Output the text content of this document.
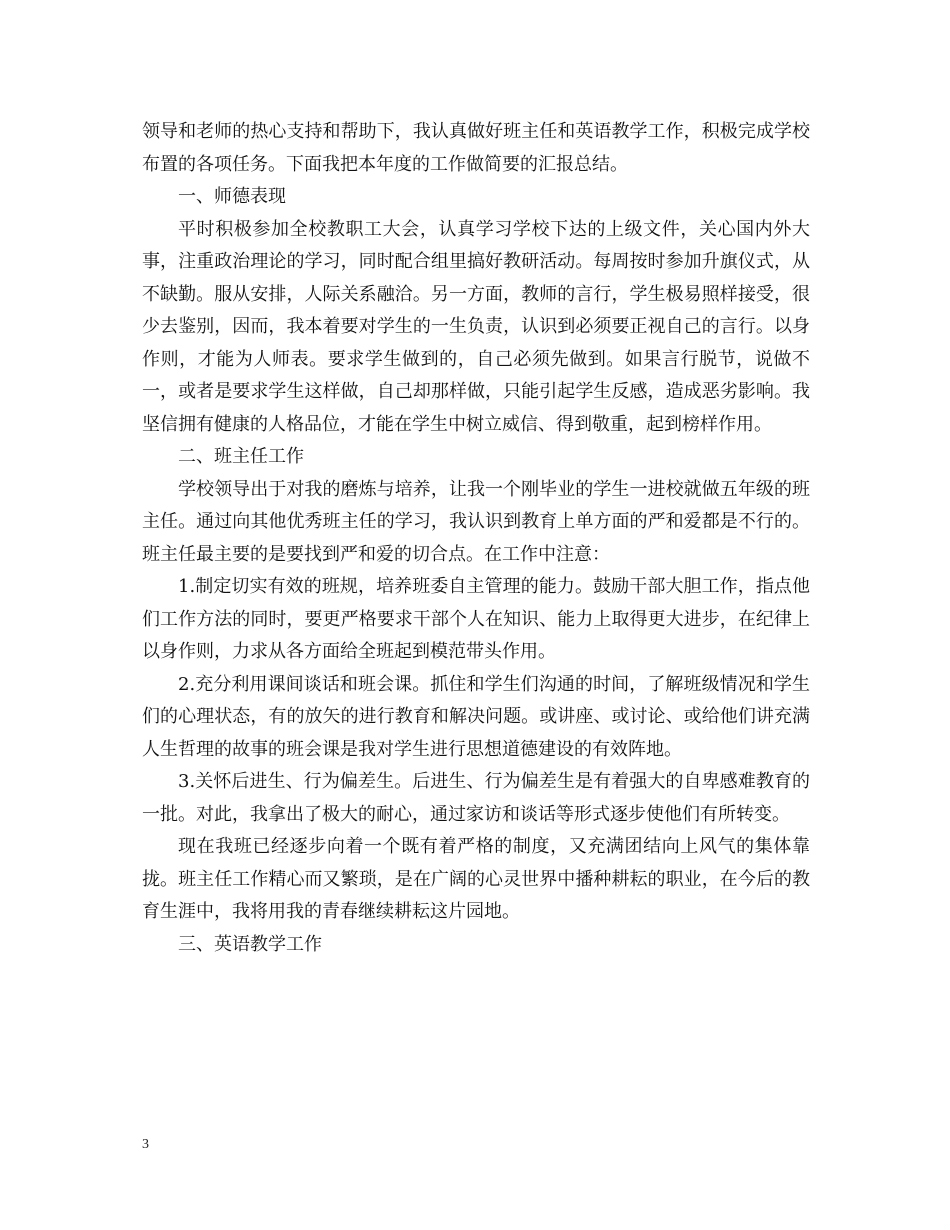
领导和老师的热心支持和帮助下，我认真做好班主任和英语教学工作，积极完成学校布置的各项任务。下面我把本年度的工作做简要的汇报总结。

一、师德表现

平时积极参加全校教职工大会，认真学习学校下达的上级文件，关心国内外大事，注重政治理论的学习，同时配合组里搞好教研活动。每周按时参加升旗仪式，从不缺勤。服从安排，人际关系融洽。另一方面，教师的言行，学生极易照样接受，很少去鉴别，因而，我本着要对学生的一生负责，认识到必须要正视自己的言行。以身作则，才能为人师表。要求学生做到的，自己必须先做到。如果言行脱节，说做不一，或者是要求学生这样做，自己却那样做，只能引起学生反感，造成恶劣影响。我坚信拥有健康的人格品位，才能在学生中树立威信、得到敬重，起到榜样作用。

二、班主任工作

学校领导出于对我的磨炼与培养，让我一个刚毕业的学生一进校就做五年级的班主任。通过向其他优秀班主任的学习，我认识到教育上单方面的严和爱都是不行的。班主任最主要的是要找到严和爱的切合点。在工作中注意：

1.制定切实有效的班规，培养班委自主管理的能力。鼓励干部大胆工作，指点他们工作方法的同时，要更严格要求干部个人在知识、能力上取得更大进步，在纪律上以身作则，力求从各方面给全班起到模范带头作用。

2.充分利用课间谈话和班会课。抓住和学生们沟通的时间，了解班级情况和学生们的心理状态，有的放矢的进行教育和解决问题。或讲座、或讨论、或给他们讲充满人生哲理的故事的班会课是我对学生进行思想道德建设的有效阵地。

3.关怀后进生、行为偏差生。后进生、行为偏差生是有着强大的自卑感难教育的一批。对此，我拿出了极大的耐心，通过家访和谈话等形式逐步使他们有所转变。

现在我班已经逐步向着一个既有着严格的制度，又充满团结向上风气的集体靠拢。班主任工作精心而又繁琐，是在广阔的心灵世界中播种耕耘的职业，在今后的教育生涯中，我将用我的青春继续耕耘这片园地。

三、英语教学工作

3
